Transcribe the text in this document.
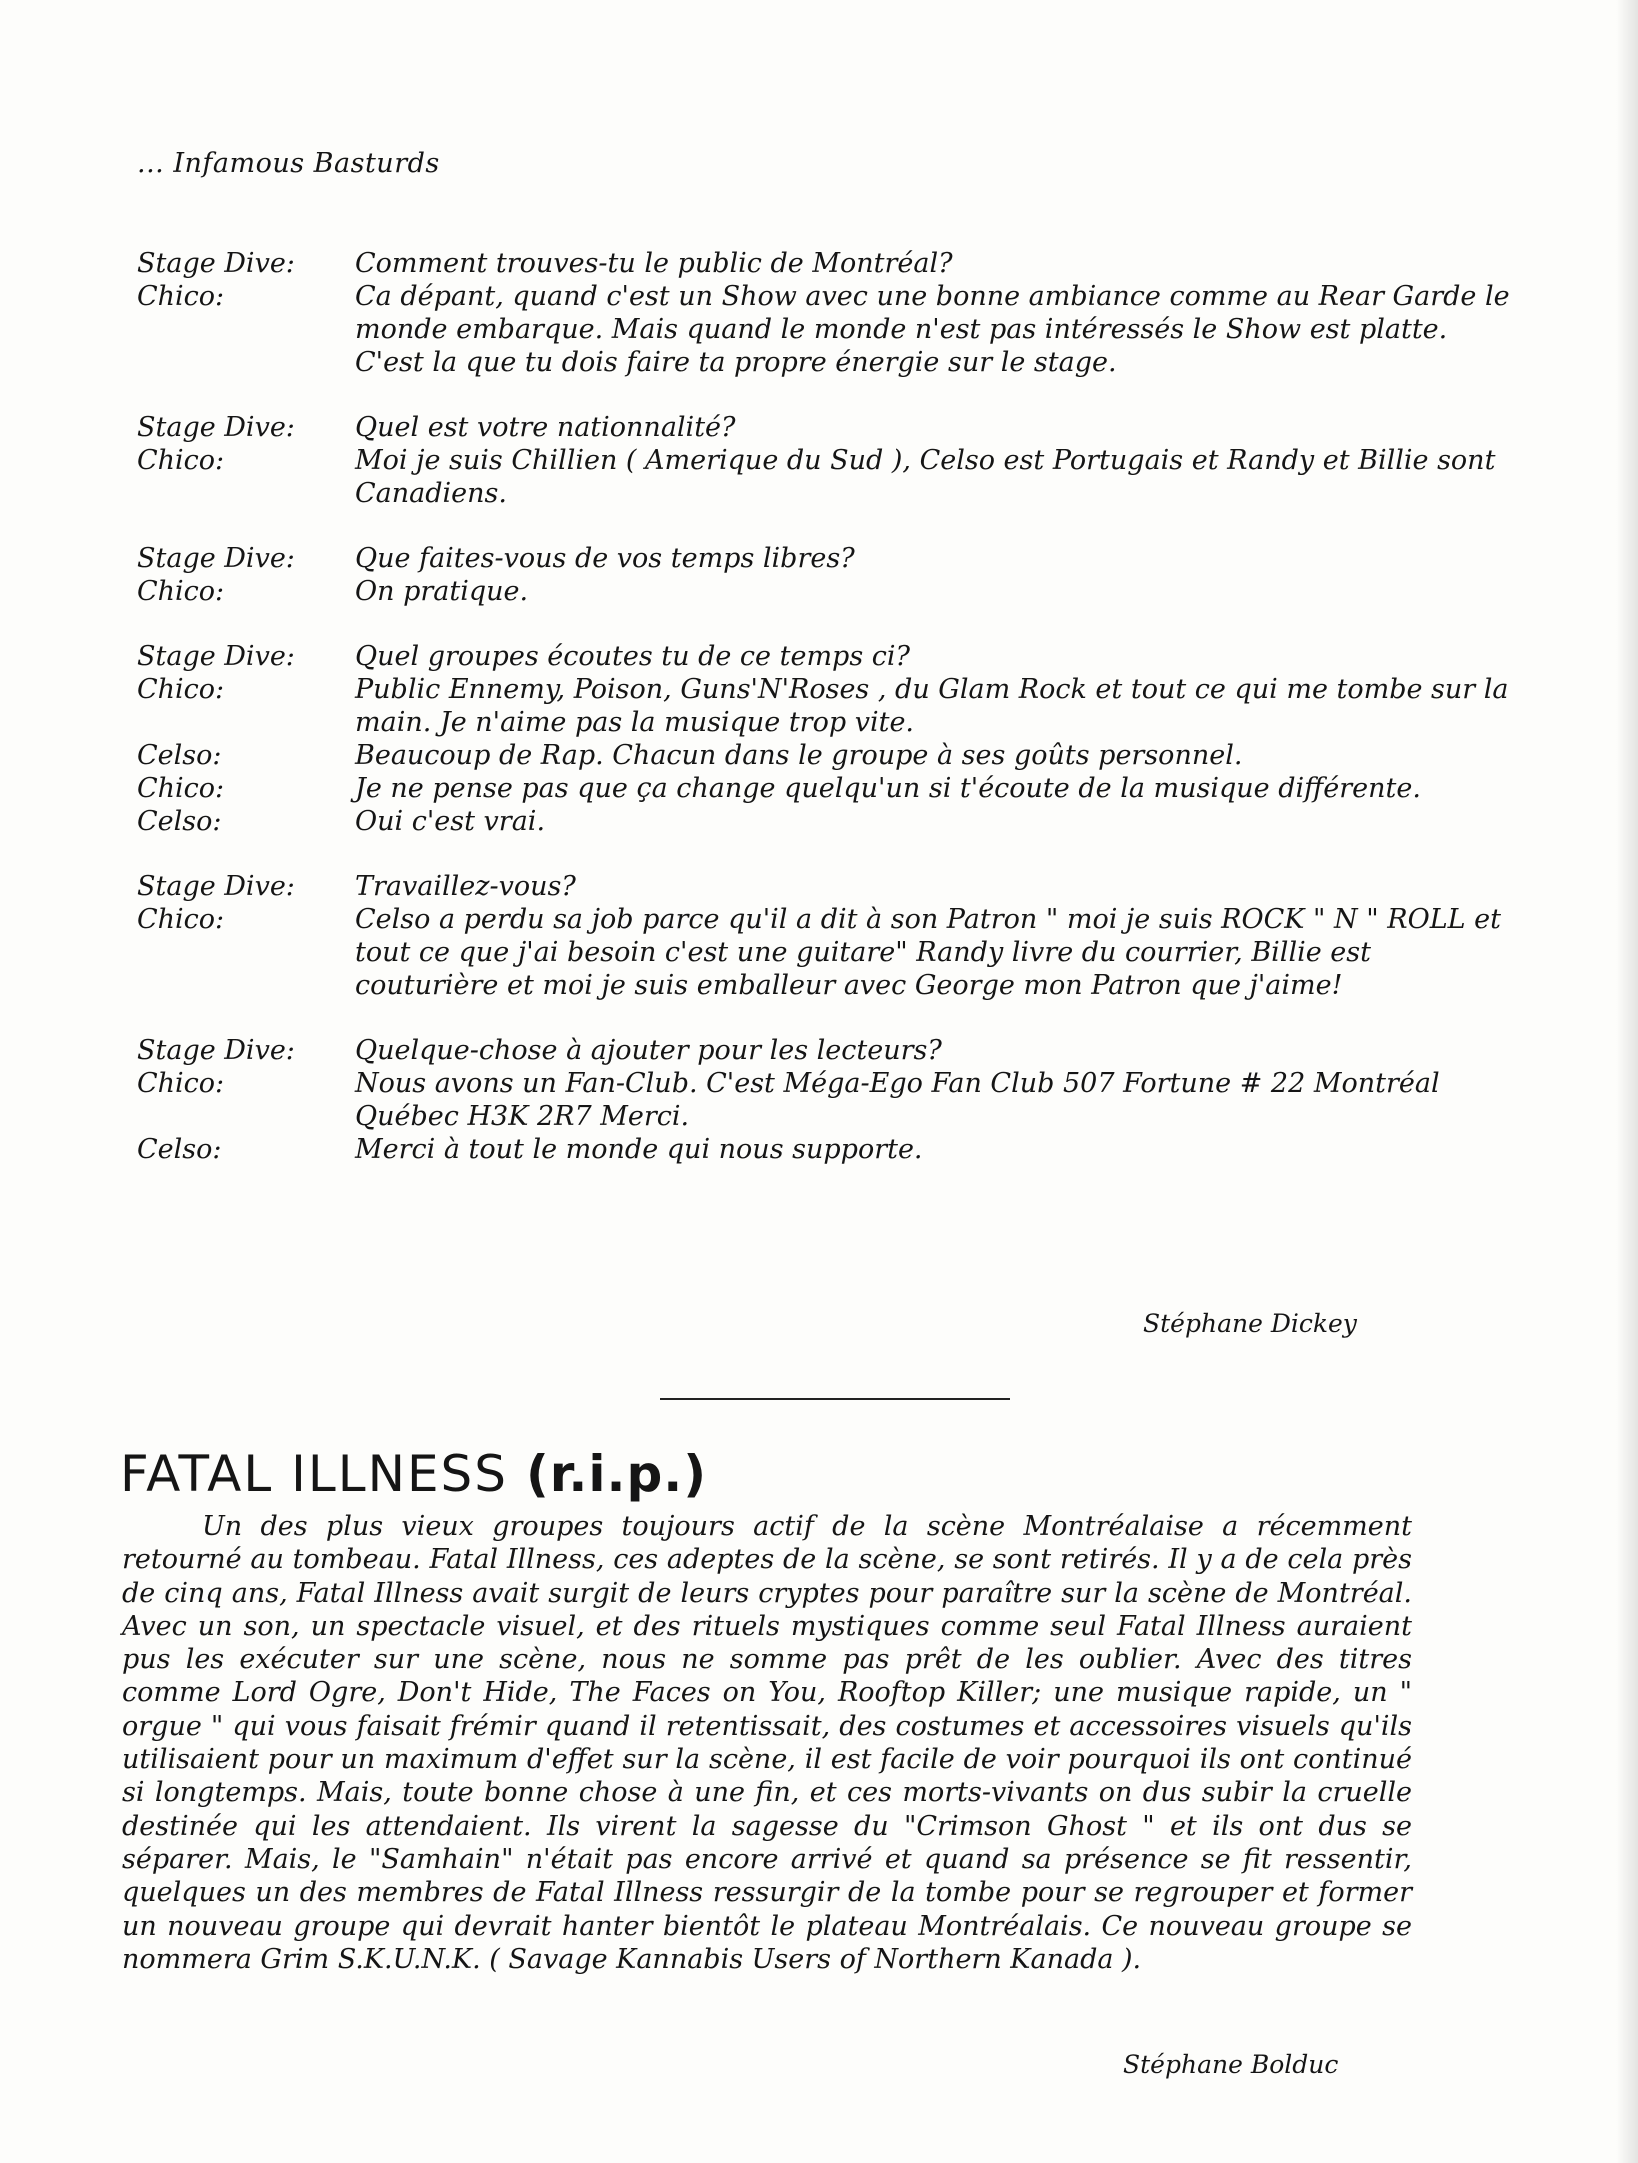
... Infamous Basturds
Stage Dive:	Comment trouves-tu le public de Montréal?
Chico:	Ca dépant, quand c'est un Show avec une bonne ambiance comme au Rear Garde le monde embarque. Mais quand le monde n'est pas intéressés le Show est platte. C'est la que tu dois faire ta propre énergie sur le stage.
Stage Dive:	Quel est votre nationnalité?
Chico:	Moi je suis Chillien ( Amerique du Sud ), Celso est Portugais et Randy et Billie sont Canadiens.
Stage Dive:	Que faites-vous de vos temps libres?
Chico:	On pratique.
Stage Dive:	Quel groupes écoutes tu de ce temps ci?
Chico:	Public Ennemy, Poison, Guns'N'Roses , du Glam Rock et tout ce qui me tombe sur la main. Je n'aime pas la musique trop vite.
Celso:	Beaucoup de Rap. Chacun dans le groupe à ses goûts personnel.
Chico:	Je ne pense pas que ça change quelqu'un si t'écoute de la musique différente.
Celso:	Oui c'est vrai.
Stage Dive:	Travaillez-vous?
Chico:	Celso a perdu sa job parce qu'il a dit à son Patron " moi je suis ROCK " N " ROLL et tout ce que j'ai besoin c'est une guitare" Randy livre du courrier, Billie est couturière et moi je suis emballeur avec George mon Patron que j'aime!
Stage Dive:	Quelque-chose à ajouter pour les lecteurs?
Chico:	Nous avons un Fan-Club. C'est Méga-Ego Fan Club 507 Fortune # 22 Montréal Québec H3K 2R7 Merci.
Celso:	Merci à tout le monde qui nous supporte.
Stéphane Dickey
FATAL ILLNESS (r.i.p.)
Un des plus vieux groupes toujours actif de la scène Montréalaise a récemment retourné au tombeau. Fatal Illness, ces adeptes de la scène, se sont retirés. Il y a de cela près de cinq ans, Fatal Illness avait surgit de leurs cryptes pour paraître sur la scène de Montréal. Avec un son, un spectacle visuel, et des rituels mystiques comme seul Fatal Illness auraient pus les exécuter sur une scène, nous ne somme pas prêt de les oublier. Avec des titres comme Lord Ogre, Don't Hide, The Faces on You, Rooftop Killer; une musique rapide, un " orgue " qui vous faisait frémir quand il retentissait, des costumes et accessoires visuels qu'ils utilisaient pour un maximum d'effet sur la scène, il est facile de voir pourquoi ils ont continué si longtemps. Mais, toute bonne chose à une fin, et ces morts-vivants on dus subir la cruelle destinée qui les attendaient. Ils virent la sagesse du "Crimson Ghost " et ils ont dus se séparer. Mais, le "Samhain" n'était pas encore arrivé et quand sa présence se fit ressentir, quelques un des membres de Fatal Illness ressurgir de la tombe pour se regrouper et former un nouveau groupe qui devrait hanter bientôt le plateau Montréalais. Ce nouveau groupe se nommera Grim S.K.U.N.K. ( Savage Kannabis Users of Northern Kanada ).
Stéphane Bolduc
